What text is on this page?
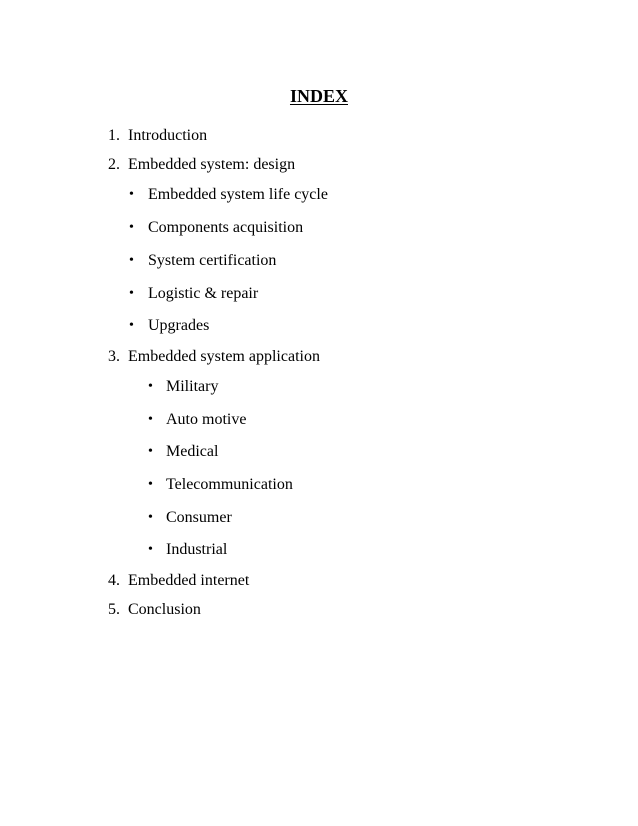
INDEX
1. Introduction
2. Embedded system: design
• Embedded system life cycle
• Components acquisition
• System certification
• Logistic & repair
• Upgrades
3. Embedded system application
• Military
• Auto motive
• Medical
• Telecommunication
• Consumer
• Industrial
4. Embedded internet
5. Conclusion
